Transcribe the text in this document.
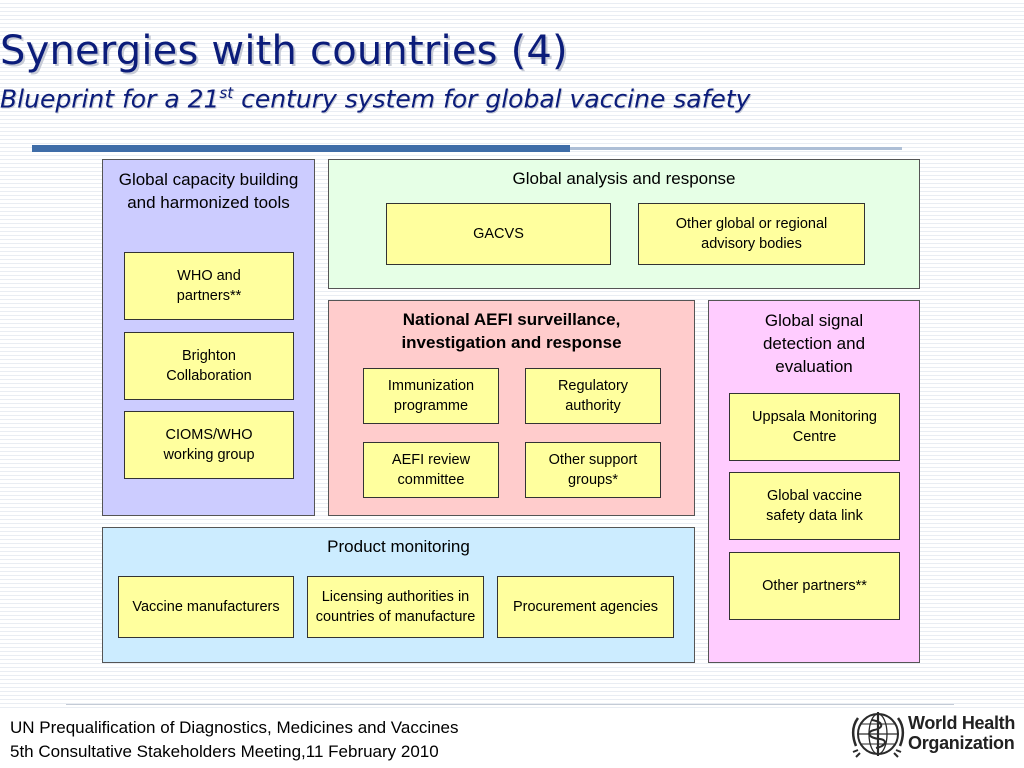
Synergies with countries (4)
Blueprint for a 21st century system for global vaccine safety
Global capacity building and harmonized tools
WHO and partners**
Brighton Collaboration
CIOMS/WHO working group
Global analysis and response
GACVS
Other global or regional advisory bodies
National AEFI surveillance, investigation and response
Immunization programme
Regulatory authority
AEFI review committee
Other support groups*
Global signal detection and evaluation
Uppsala Monitoring Centre
Global vaccine safety data link
Other partners**
Product monitoring
Vaccine manufacturers
Licensing authorities in countries of manufacture
Procurement agencies
UN Prequalification of Diagnostics, Medicines and Vaccines
5th Consultative Stakeholders Meeting,11 February 2010
World Health
Organization
